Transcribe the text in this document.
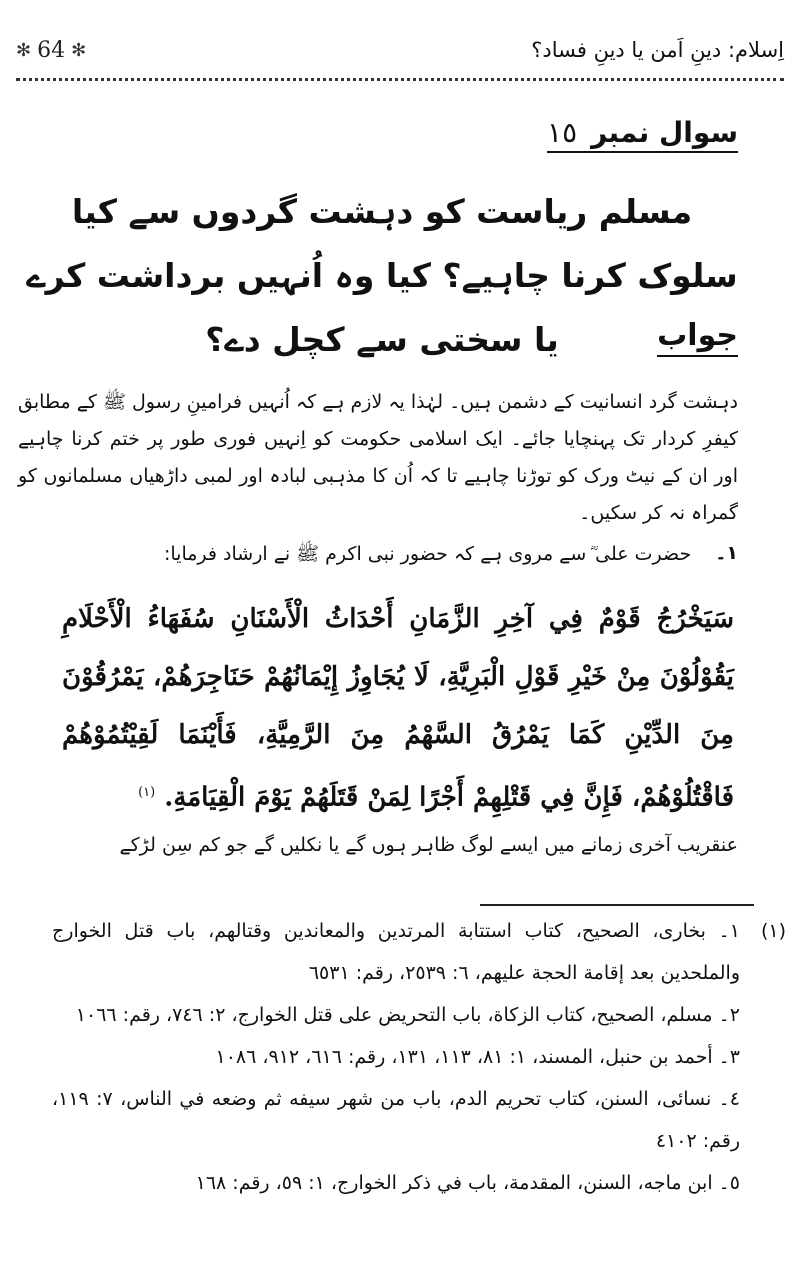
✻ 64 ✻	اِسلام: دینِ اَمن یا دینِ فساد؟
سوال نمبر
١٥
مسلم ریاست کو دہشت گردوں سے کیا سلوک کرنا چاہیے؟ کیا وہ اُنہیں برداشت کرے یا سختی سے کچل دے؟	جواب
دہشت گرد انسانیت کے دشمن ہیں۔ لہٰذا یہ لازم ہے کہ اُنہیں فرامینِ رسول ﷺ کے مطابق کیفرِ کردار تک پہنچایا جائے۔ ایک اسلامی حکومت کو اِنہیں فوری طور پر ختم کرنا چاہیے اور ان کے نیٹ ورک کو توڑنا چاہیے تا کہ اُن کا مذہبی لبادہ اور لمبی داڑھیاں مسلمانوں کو گمراہ نہ کر سکیں۔
١۔
حضرت علی ؓ سے مروی ہے کہ حضور نبی اکرم ﷺ نے ارشاد فرمایا:
سَيَخْرُجُ قَوْمٌ فِي آخِرِ الزَّمَانِ أَحْدَاثُ الْأَسْنَانِ سُفَهَاءُ الْأَحْلَامِ يَقُوْلُوْنَ مِنْ خَيْرِ قَوْلِ الْبَرِيَّةِ، لَا يُجَاوِزُ إِيْمَانُهُمْ حَنَاجِرَهُمْ، يَمْرُقُوْنَ مِنَ الدِّيْنِ كَمَا يَمْرُقُ السَّهْمُ مِنَ الرَّمِيَّةِ، فَأَيْنَمَا لَقِيْتُمُوْهُمْ فَاقْتُلُوْهُمْ، فَإِنَّ فِي قَتْلِهِمْ أَجْرًا لِمَنْ قَتَلَهُمْ يَوْمَ الْقِيَامَةِ. $^{(١)}$
عنقریب آخری زمانے میں ایسے لوگ ظاہر ہوں گے یا نکلیں گے جو کم سِن لڑکے
(١)
١۔ بخاری، الصحيح، كتاب استتابة المرتدين والمعاندين وقتالهم، باب قتل الخوارج والملحدين بعد إقامة الحجة عليهم، ٦: ٢٥٣٩، رقم: ٦٥٣١
٢۔ مسلم، الصحيح، كتاب الزكاة، باب التحريض على قتل الخوارج، ٢: ٧٤٦، رقم: ١٠٦٦
٣۔ أحمد بن حنبل، المسند، ١: ٨١، ١١٣، ١٣١، رقم: ٦١٦، ٩١٢، ١٠٨٦
٤۔ نسائی، السنن، كتاب تحريم الدم، باب من شهر سيفه ثم وضعه في الناس، ٧: ١١٩، رقم: ٤١٠٢
٥۔ ابن ماجه، السنن، المقدمة، باب في ذكر الخوارج، ١: ٥٩، رقم: ١٦٨
